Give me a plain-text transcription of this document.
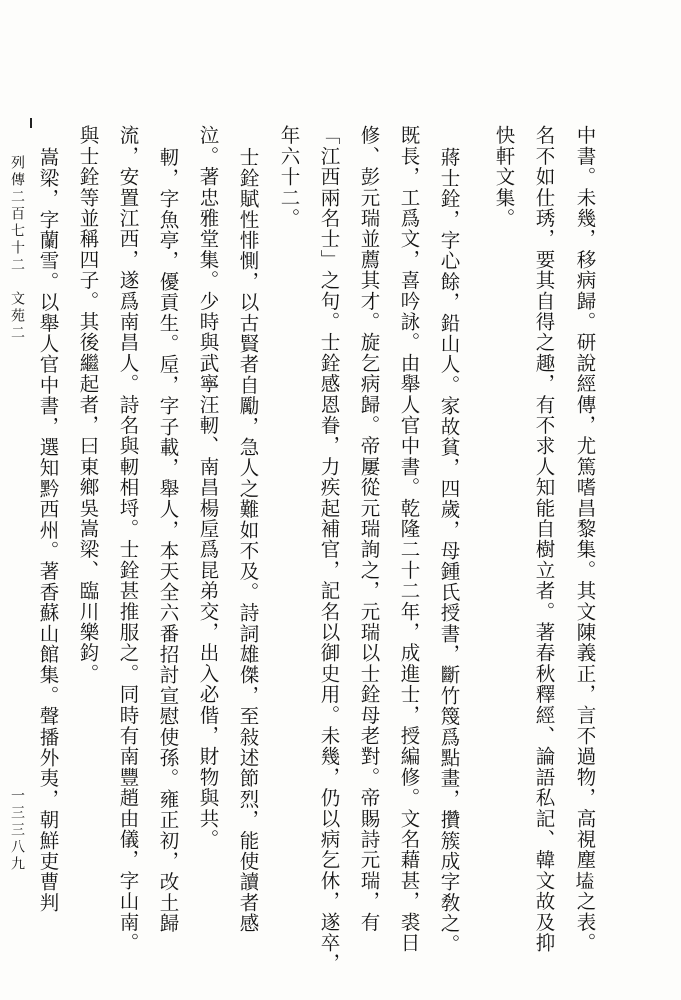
中書。未幾，移病歸。研說經傳，尤篤嗜昌黎集。其文陳義正，言不過物，高視塵𡏖之表。
名不如仕琇，要其自得之趣，有不求人知能自樹立者。著春秋釋經、論語私記、韓文故及抑
快軒文集。
蔣士銓，字心餘，鉛山人。家故貧，四歲，母鍾氏授書，斷竹篾爲點畫，攢簇成字敎之。
既長，工爲文，喜吟詠。由舉人官中書。乾隆二十二年，成進士，授編修。文名藉甚，裘日
修、彭元瑞並薦其才。旋乞病歸。帝屢從元瑞詢之，元瑞以士銓母老對。帝賜詩元瑞，有
「江西兩名士」之句。士銓感恩眷，力疾起補官，記名以御史用。未幾，仍以病乞休，遂卒，
年六十二。
士銓賦性悱惻，以古賢者自勵，急人之難如不及。詩詞雄傑，至敍述節烈，能使讀者感
泣。著忠雅堂集。少時與武寧汪軔、南昌楊垕爲昆弟交，出入必偕，財物與共。
軔，字魚亭，優貢生。垕，字子載，舉人，本天全六番招討宣慰使孫。雍正初，改土歸
流，安置江西，遂爲南昌人。詩名與軔相埒。士銓甚推服之。同時有南豐趙由儀，字山南。
與士銓等並稱四子。其後繼起者，曰東鄉吳嵩梁、臨川樂鈞。
嵩梁，字蘭雪。以舉人官中書，選知黔西州。著香蘇山館集。聲播外夷，朝鮮吏曹判
列傳二百七十二　文苑二
一三三八九
